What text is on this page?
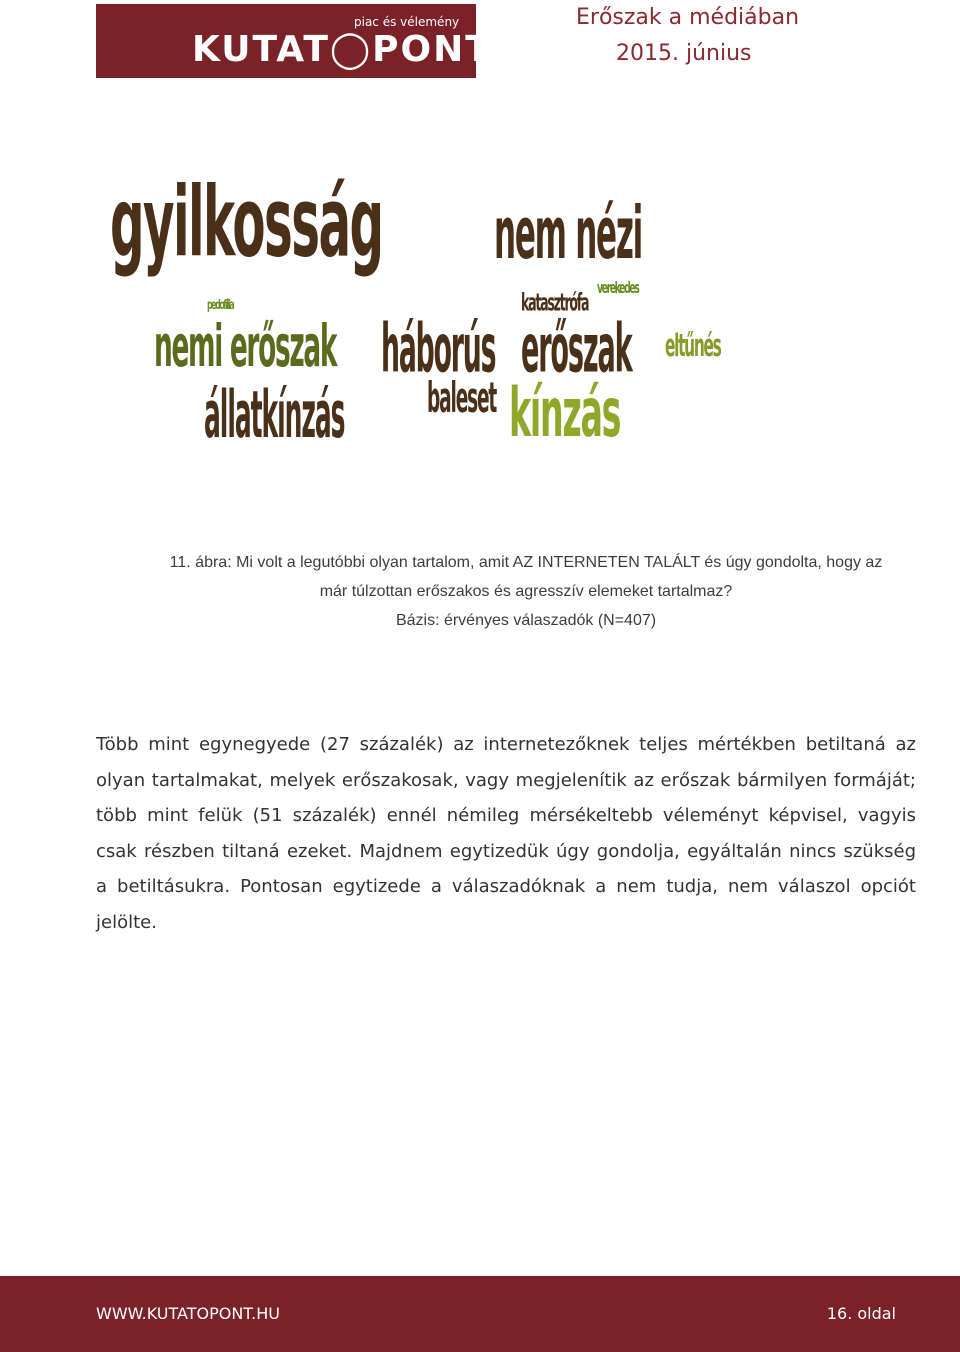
piac és vélemény
KUTAT◯PONT
Erőszak a médiában
2015. június
gyilkosság nem nézi
verekedes
katasztrófa
pedofília
nemi erőszak háborús erőszak eltűnés
állatkínzás	baleset kínzás
11. ábra: Mi volt a legutóbbi olyan tartalom, amit AZ INTERNETEN TALÁLT és úgy gondolta, hogy az
már túlzottan erőszakos és agresszív elemeket tartalmaz?
Bázis: érvényes válaszadók (N=407)

Több mint egynegyede (27 százalék) az internetezőknek teljes mértékben betiltaná az olyan tartalmakat, melyek erőszakosak, vagy megjelenítik az erőszak bármilyen formáját; több mint felük (51 százalék) ennél némileg mérsékeltebb véleményt képvisel, vagyis csak részben tiltaná ezeket. Majdnem egytizedük úgy gondolja, egyáltalán nincs szükség a betiltásukra. Pontosan egytizede a válaszadóknak a nem tudja, nem válaszol opciót jelölte.

WWW.KUTATOPONT.HU	16. oldal
